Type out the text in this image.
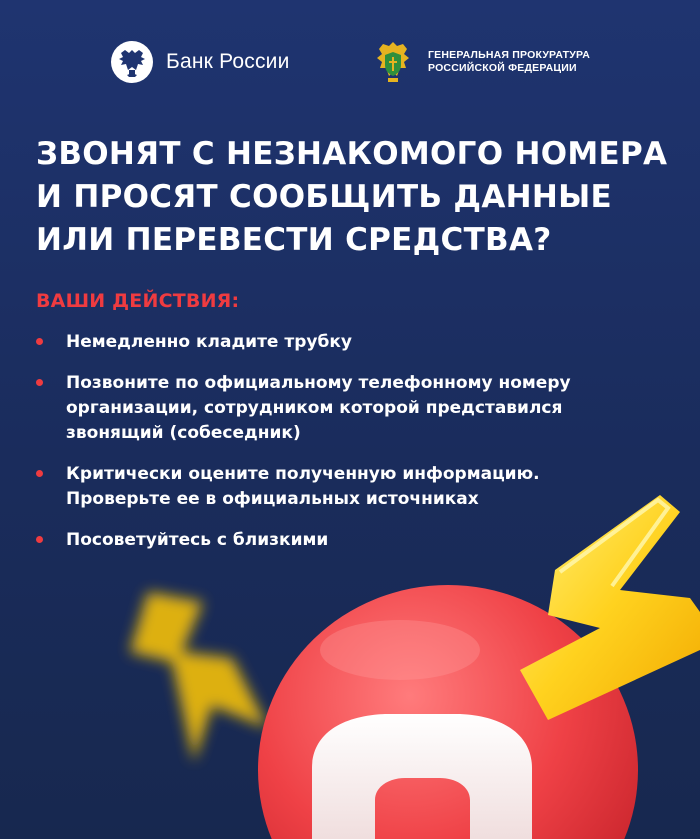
Банк России	ГЕНЕРАЛЬНАЯ ПРОКУРАТУРА
РОССИЙСКОЙ ФЕДЕРАЦИИ
ЗВОНЯТ С НЕЗНАКОМОГО НОМЕРА
И ПРОСЯТ СООБЩИТЬ ДАННЫЕ
ИЛИ ПЕРЕВЕСТИ СРЕДСТВА?
ВАШИ ДЕЙСТВИЯ:
Немедленно кладите трубку
Позвоните по официальному телефонному номеру
организации, сотрудником которой представился
звонящий (собеседник)
Критически оцените полученную информацию.
Проверьте ее в официальных источниках
Посоветуйтесь с близкими
